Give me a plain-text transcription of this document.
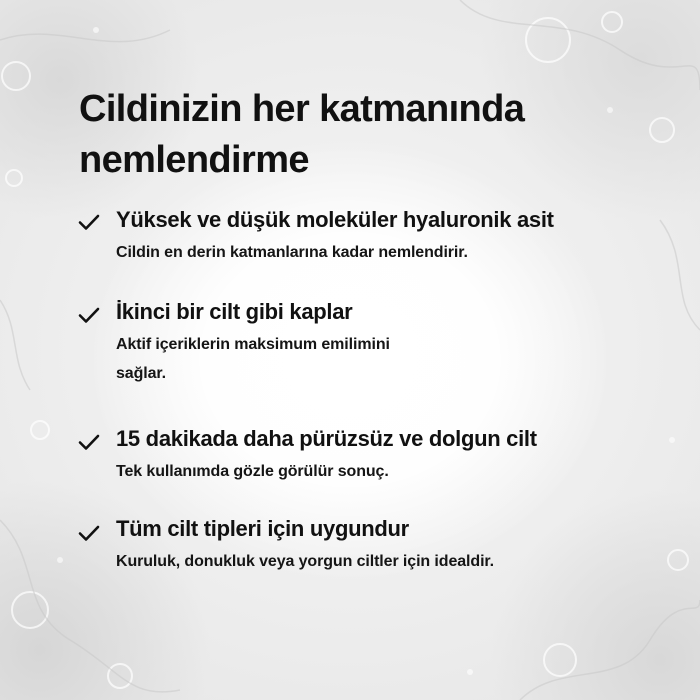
Cildinizin her katmanında nemlendirme
Yüksek ve düşük moleküler hyaluronik asit
Cildin en derin katmanlarına kadar nemlendirir.
İkinci bir cilt gibi kaplar
Aktif içeriklerin maksimum emilimini sağlar.
15 dakikada daha pürüzsüz ve dolgun cilt
Tek kullanımda gözle görülür sonuç.
Tüm cilt tipleri için uygundur
Kuruluk, donukluk veya yorgun ciltler için idealdir.
